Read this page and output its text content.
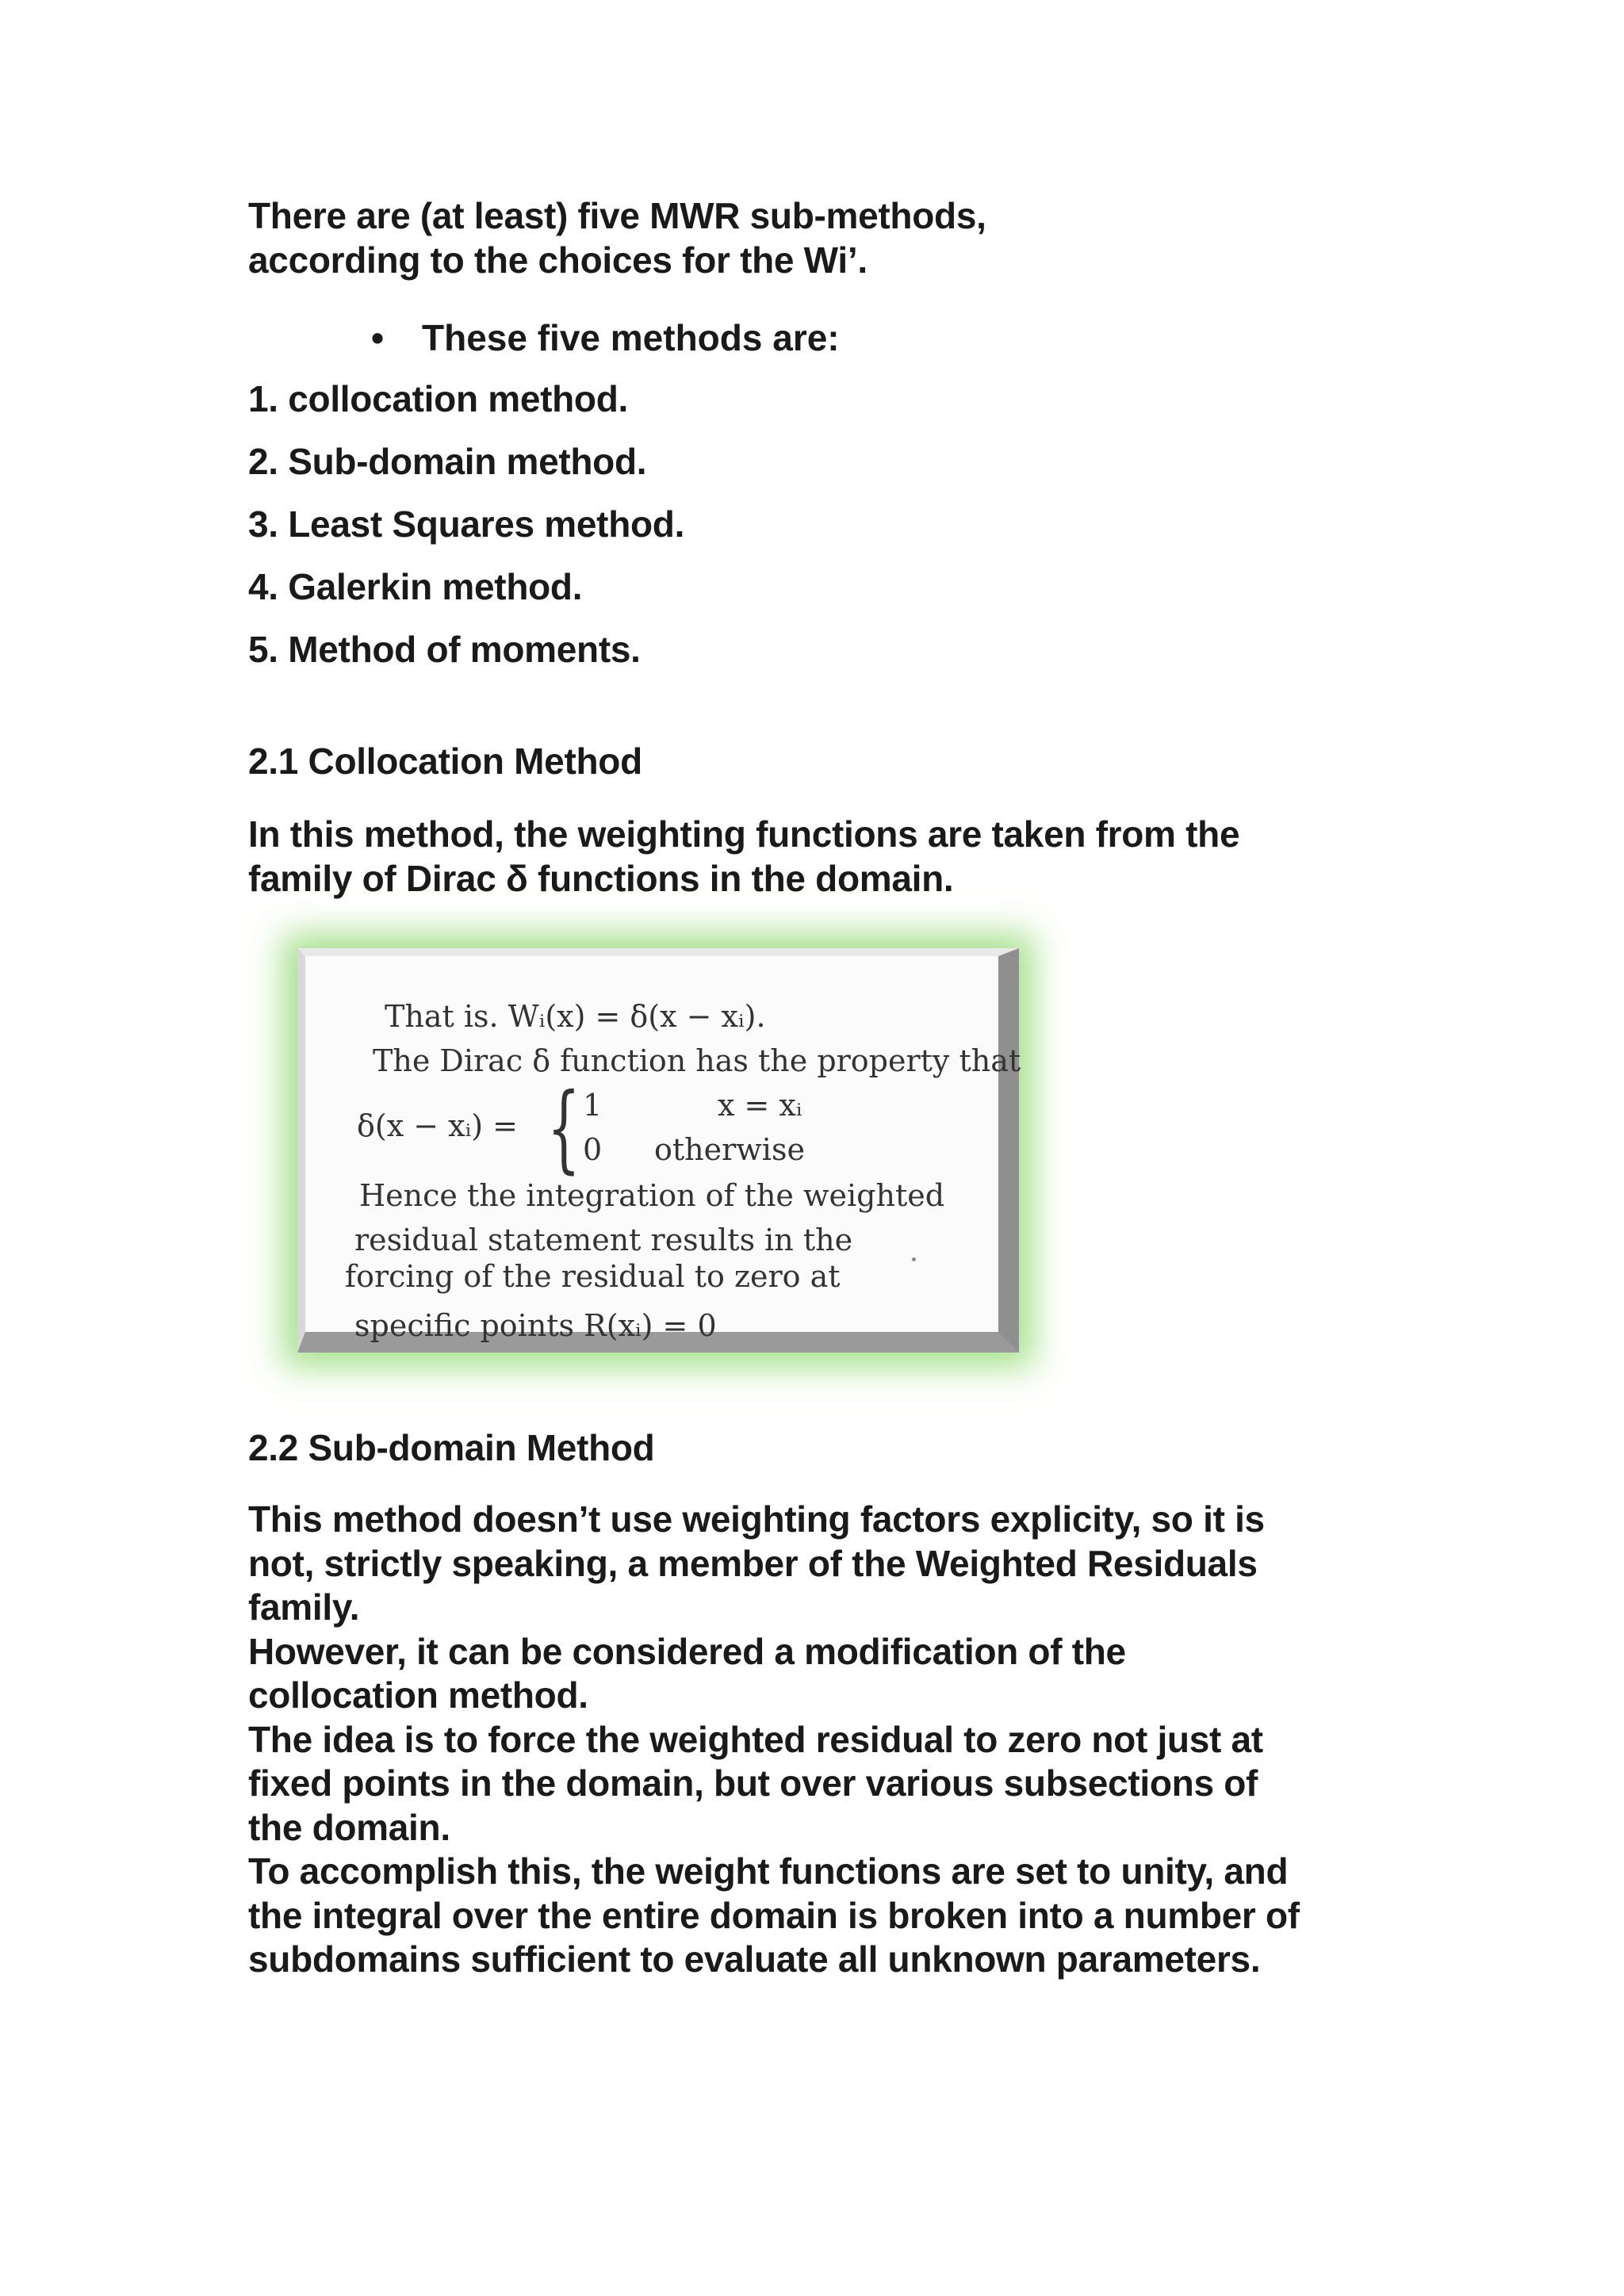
There are (at least) five MWR sub-methods,

according to the choices for the Wi’.

• These five methods are:
1. collocation method.
2. Sub-domain method.
3. Least Squares method.
4. Galerkin method.
5. Method of moments.
2.1 Collocation Method

In this method, the weighting functions are taken from the

family of Dirac δ functions in the domain.

That is. Wᵢ(x) = δ(x − xᵢ).
The Dirac δ function has the property that
δ(x − xᵢ) = { 1	x = xᵢ
0 otherwise
Hence the integration of the weighted
residual statement results in the
forcing of the residual to zero at
specific points R(xᵢ) = 0
2.2 Sub-domain Method

This method doesn’t use weighting factors explicity, so it is

not, strictly speaking, a member of the Weighted Residuals

family.

However, it can be considered a modification of the

collocation method.

The idea is to force the weighted residual to zero not just at

fixed points in the domain, but over various subsections of

the domain.

To accomplish this, the weight functions are set to unity, and

the integral over the entire domain is broken into a number of

subdomains sufficient to evaluate all unknown parameters.
